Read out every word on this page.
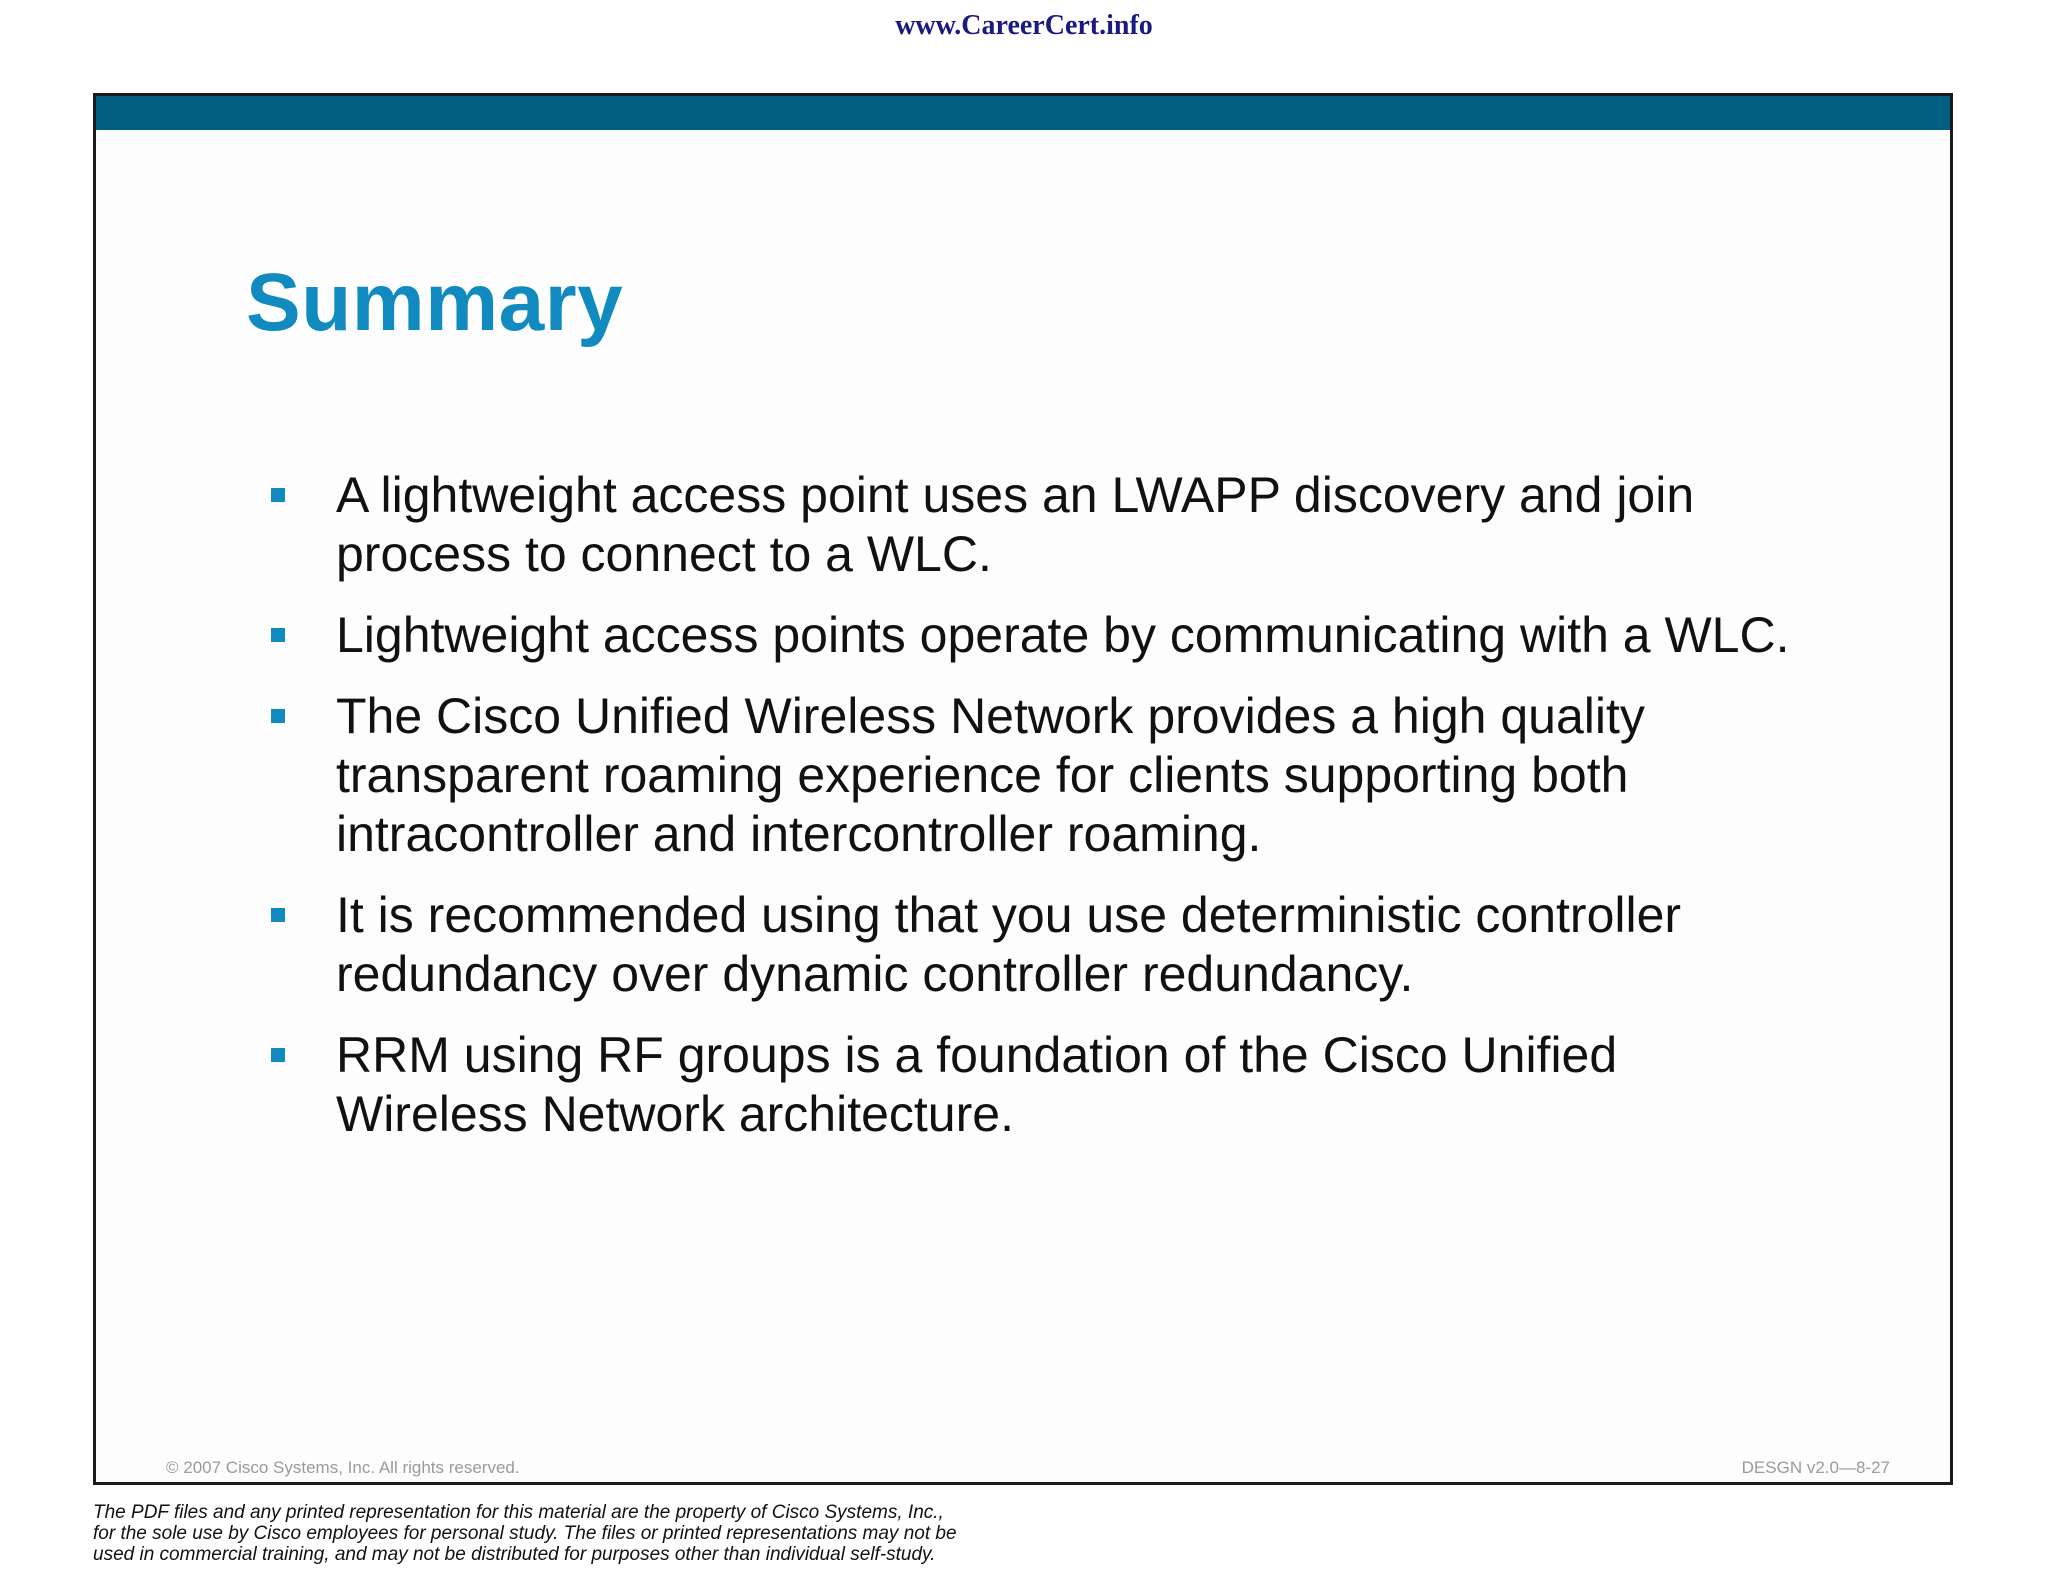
www.CareerCert.info
Summary
A lightweight access point uses an LWAPP discovery and join
process to connect to a WLC.
Lightweight access points operate by communicating with a WLC.
The Cisco Unified Wireless Network provides a high quality
transparent roaming experience for clients supporting both
intracontroller and intercontroller roaming.
It is recommended using that you use deterministic controller
redundancy over dynamic controller redundancy.
RRM using RF groups is a foundation of the Cisco Unified
Wireless Network architecture.
© 2007 Cisco Systems, Inc. All rights reserved.	DESGN v2.0—8-27
The PDF files and any printed representation for this material are the property of Cisco Systems, Inc.,
for the sole use by Cisco employees for personal study. The files or printed representations may not be
used in commercial training, and may not be distributed for purposes other than individual self-study.
